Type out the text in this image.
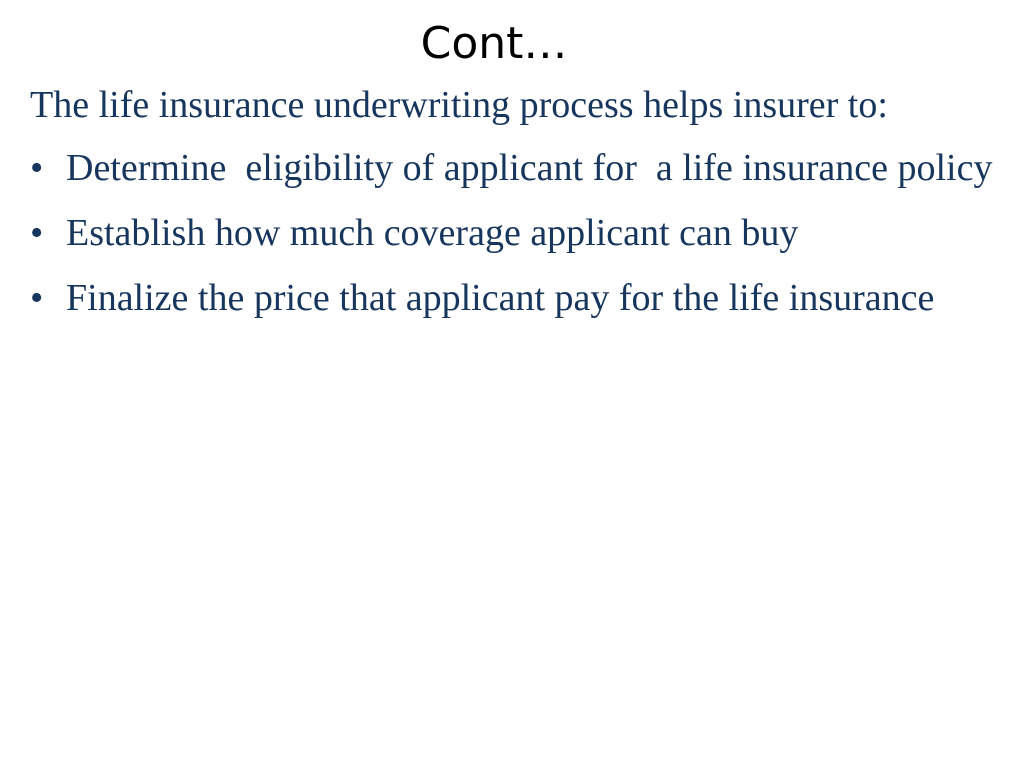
Cont…

The life insurance underwriting process helps insurer to:

• Determine  eligibility of applicant for  a life insurance policy
• Establish how much coverage applicant can buy
• Finalize the price that applicant pay for the life insurance
